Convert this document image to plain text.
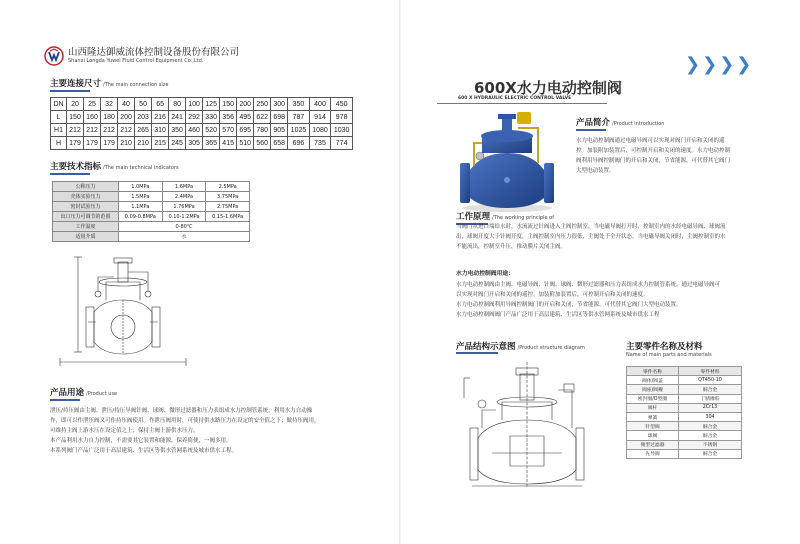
山西隆达御威流体控制设备股份有限公司
Shanxi Longda Yuwei Fluid Control Equipment Co.,Ltd.
主要连接尺寸 /The main connection size
DN	20	25	32	40	50	65	80	100	125	150	200	250	300	350	400	450
L	150	160	180	200	203	216	241	292	330	356	495	622	698	787	914	978
H1	212	212	212	212	265	310	350	460	520	570	695	780	905	1025	1080	1030
H	179	179	179	210	210	215	245	305	365	415	510	560	658	696	735	774
主要技术指标 /The main technical indicators
公称压力	1.0MPa	1.6MPa	2.5MPa
壳体实验压力	1.5MPa	2.4MPa	3.75MPa
密封试验压力	1.1MPa	1.76MPa	2.75MPa
出口压力可调节的范围	0.09-0.8MPa	0.10-1.2MPa	0.15-1.6MPa
工作温度	0-80℃		
适用介质	水		
产品用途 /Product use

泄压/持压阀由主阀、泄压/持压导阀针阀、球阀、微形过滤器和压力表组成水力控制管系统。利用水力自动操

作，即可以作泄压阀又可作持压阀使用。作泄压阀用时，可使持供水路压力在设定的安全值之下；做持压阀用，

可维持主阀上游水压在设定值之上；保持主阀上游供水压力。

本产品利用水力自力控制，不需要其它装置和能源，保养简便，一阀多用。

本系列阀门产品广泛用于高层建筑、生活区等供水管网系统及城市供水工程。

❯ ❯ ❯ ❯
600X水力电动控制阀
600 X HYDRAULIC ELECTRIC CONTROL VALVE
产品简介 /Product introduction

水力电动控制阀通过电磁导阀可以实现对阀门开启和关闭的遥

控。加装附加装置后，可控制开启和关闭的速度。水力电动控制

阀利用导阀控制阀门的开启和关闭，节省能源，可代替其它阀门

大型电动装置。

工作原理 /The working principle of

当阀门从进口端给水时，水流流过针阀进入主阀控制室，当电磁导阀打开时，控制室内的水经电磁导阀、球阀流

出，球阀开度大于针阀开度，主阀控制室内压力很低，主阀处于全开状态。当电磁导阀关闭时，主阀控制室的水

不能流出，控制室升压，推动膜片关闭主阀。

水力电动控制阀用途：

水力电动控制阀由主阀、电磁导阀、针阀、球阀、微形过滤器和压力表组成水力控制管系统。通过电磁导阀可

以实现对阀门开启和关闭的遥控。加装附加装置后，可控制开启和关闭的速度。

水力电动控制阀利用导阀控制阀门的开启和关闭，节省能源。可代替其它阀门大型电动装置。

水力电动控制阀阀门产品广泛用于高层建筑、生活区等供水管网系统及城市供水工程

产品结构示意图 /Product structure diagram	主要零件名称及材料
Name of main parts and materials
零件名称	零件材料
阀体/阀盖	QT450-10
阀座/阀瓣	铜合金
密封圈/O型圈	丁腈橡胶
阀杆	2Cr13
弹簧	304
针型阀	铜合金
球阀	铜合金
微型过滤器	不锈钢
先导阀	铜合金
